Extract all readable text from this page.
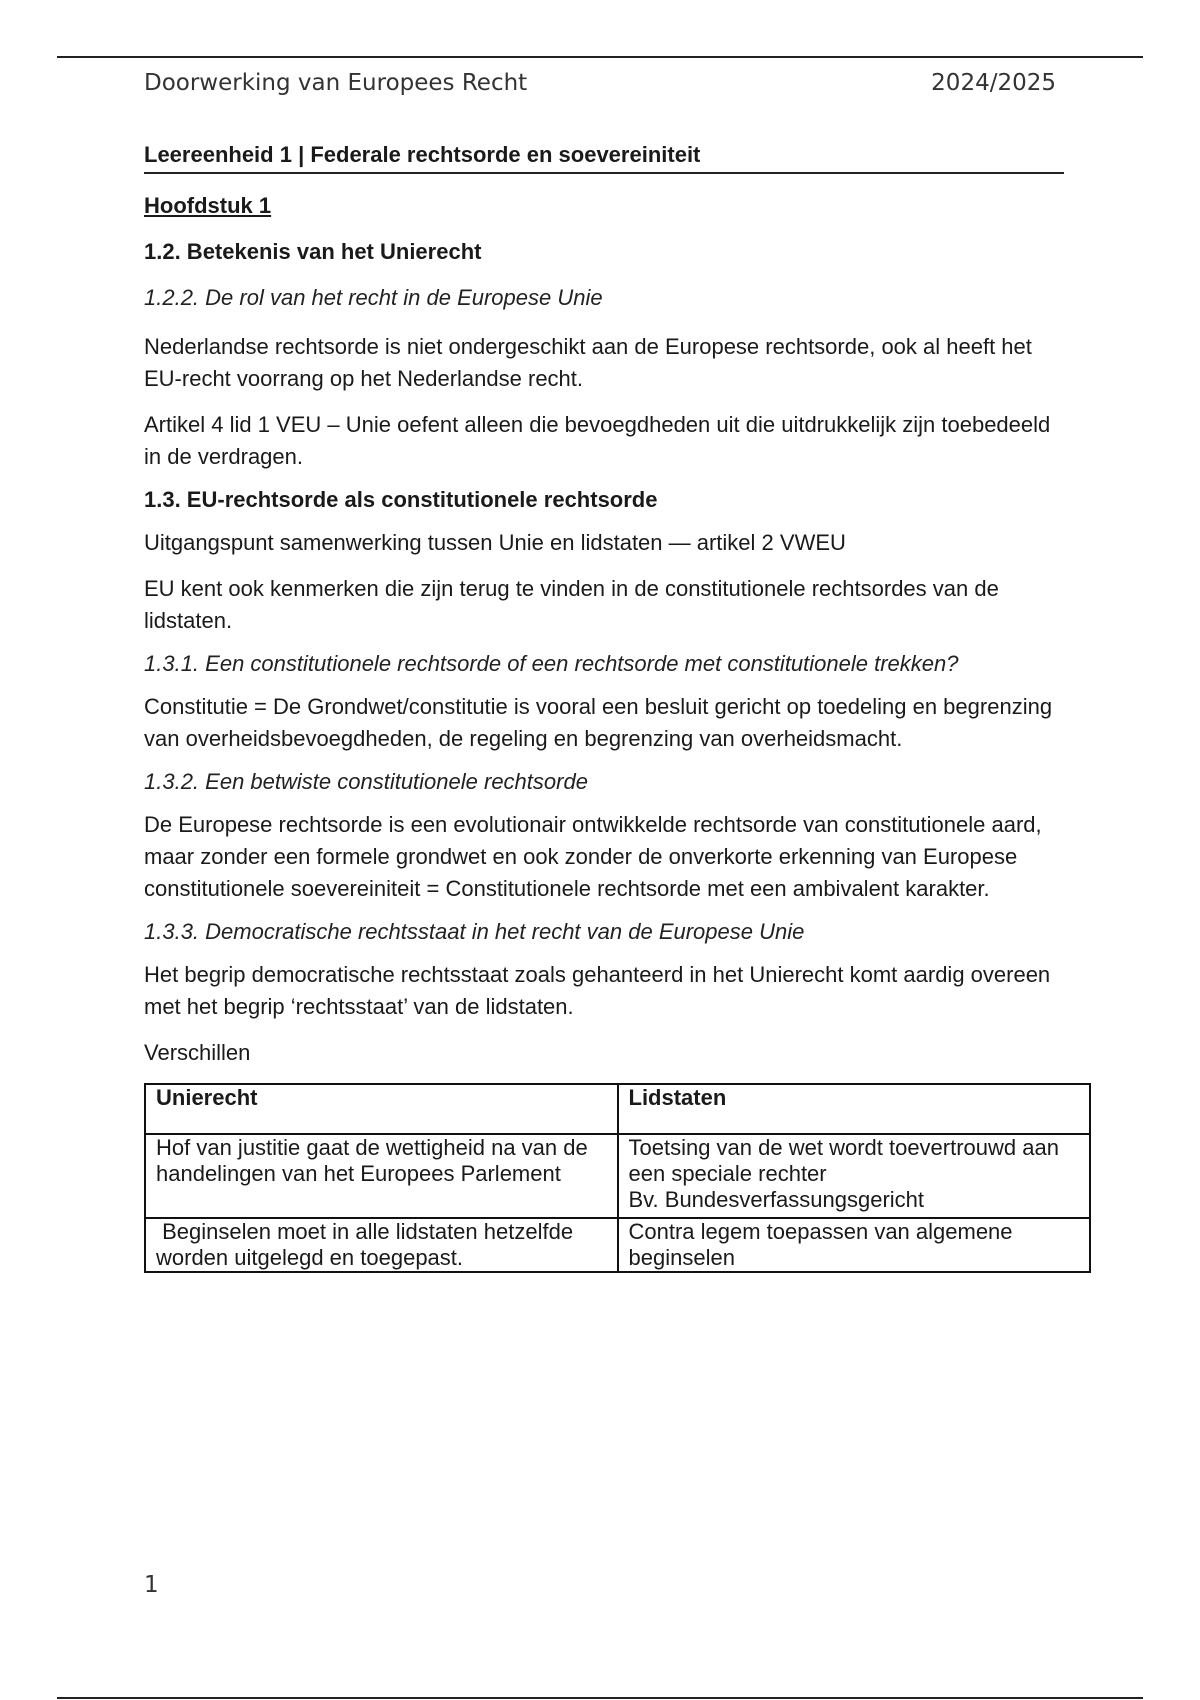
Doorwerking van Europees Recht	2024/2025
Leereenheid 1 | Federale rechtsorde en soevereiniteit
Hoofdstuk 1
1.2. Betekenis van het Unierecht
1.2.2. De rol van het recht in de Europese Unie
Nederlandse rechtsorde is niet ondergeschikt aan de Europese rechtsorde, ook al heeft het EU-recht voorrang op het Nederlandse recht.
Artikel 4 lid 1 VEU – Unie oefent alleen die bevoegdheden uit die uitdrukkelijk zijn toebedeeld in de verdragen.
1.3. EU-rechtsorde als constitutionele rechtsorde
Uitgangspunt samenwerking tussen Unie en lidstaten — artikel 2 VWEU
EU kent ook kenmerken die zijn terug te vinden in de constitutionele rechtsordes van de lidstaten.
1.3.1. Een constitutionele rechtsorde of een rechtsorde met constitutionele trekken?
Constitutie = De Grondwet/constitutie is vooral een besluit gericht op toedeling en begrenzing van overheidsbevoegdheden, de regeling en begrenzing van overheidsmacht.
1.3.2. Een betwiste constitutionele rechtsorde
De Europese rechtsorde is een evolutionair ontwikkelde rechtsorde van constitutionele aard, maar zonder een formele grondwet en ook zonder de onverkorte erkenning van Europese constitutionele soevereiniteit = Constitutionele rechtsorde met een ambivalent karakter.
1.3.3. Democratische rechtsstaat in het recht van de Europese Unie
Het begrip democratische rechtsstaat zoals gehanteerd in het Unierecht komt aardig overeen met het begrip ‘rechtsstaat’ van de lidstaten.
Verschillen
Unierecht	Lidstaten
Hof van justitie gaat de wettigheid na van de handelingen van het Europees Parlement	Toetsing van de wet wordt toevertrouwd aan een speciale rechter
Bv. Bundesverfassungsgericht

Beginselen moet in alle lidstaten hetzelfde worden uitgelegd en toegepast.	Contra legem toepassen van algemene beginselen
1
